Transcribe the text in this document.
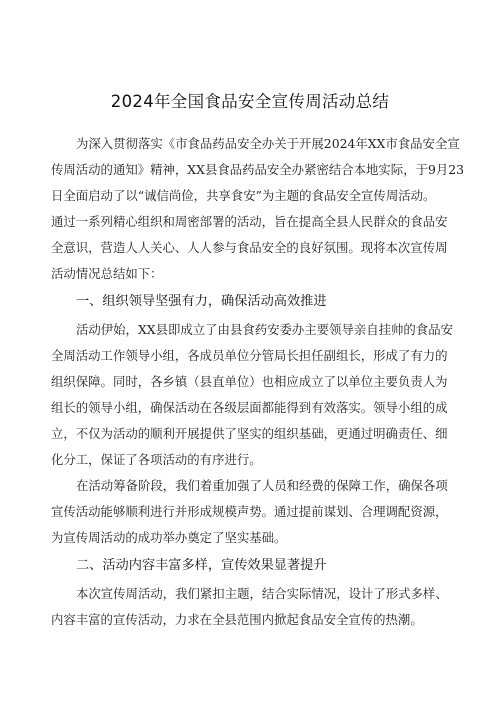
2024年全国食品安全宣传周活动总结

为深入贯彻落实《市食品药品安全办关于开展2024年XX市食品安全宣
传周活动的通知》精神，XX县食品药品安全办紧密结合本地实际，于9月23
日全面启动了以“诚信尚俭，共享食安”为主题的食品安全宣传周活动。
通过一系列精心组织和周密部署的活动，旨在提高全县人民群众的食品安
全意识，营造人人关心、人人参与食品安全的良好氛围。现将本次宣传周
活动情况总结如下：

一、组织领导坚强有力，确保活动高效推进

活动伊始，XX县即成立了由县食药安委办主要领导亲自挂帅的食品安
全周活动工作领导小组，各成员单位分管局长担任副组长，形成了有力的
组织保障。同时，各乡镇（县直单位）也相应成立了以单位主要负责人为
组长的领导小组，确保活动在各级层面都能得到有效落实。领导小组的成
立，不仅为活动的顺利开展提供了坚实的组织基础，更通过明确责任、细
化分工，保证了各项活动的有序进行。

在活动筹备阶段，我们着重加强了人员和经费的保障工作，确保各项
宣传活动能够顺利进行并形成规模声势。通过提前谋划、合理调配资源，
为宣传周活动的成功举办奠定了坚实基础。

二、活动内容丰富多样，宣传效果显著提升

本次宣传周活动，我们紧扣主题，结合实际情况，设计了形式多样、
内容丰富的宣传活动，力求在全县范围内掀起食品安全宣传的热潮。
